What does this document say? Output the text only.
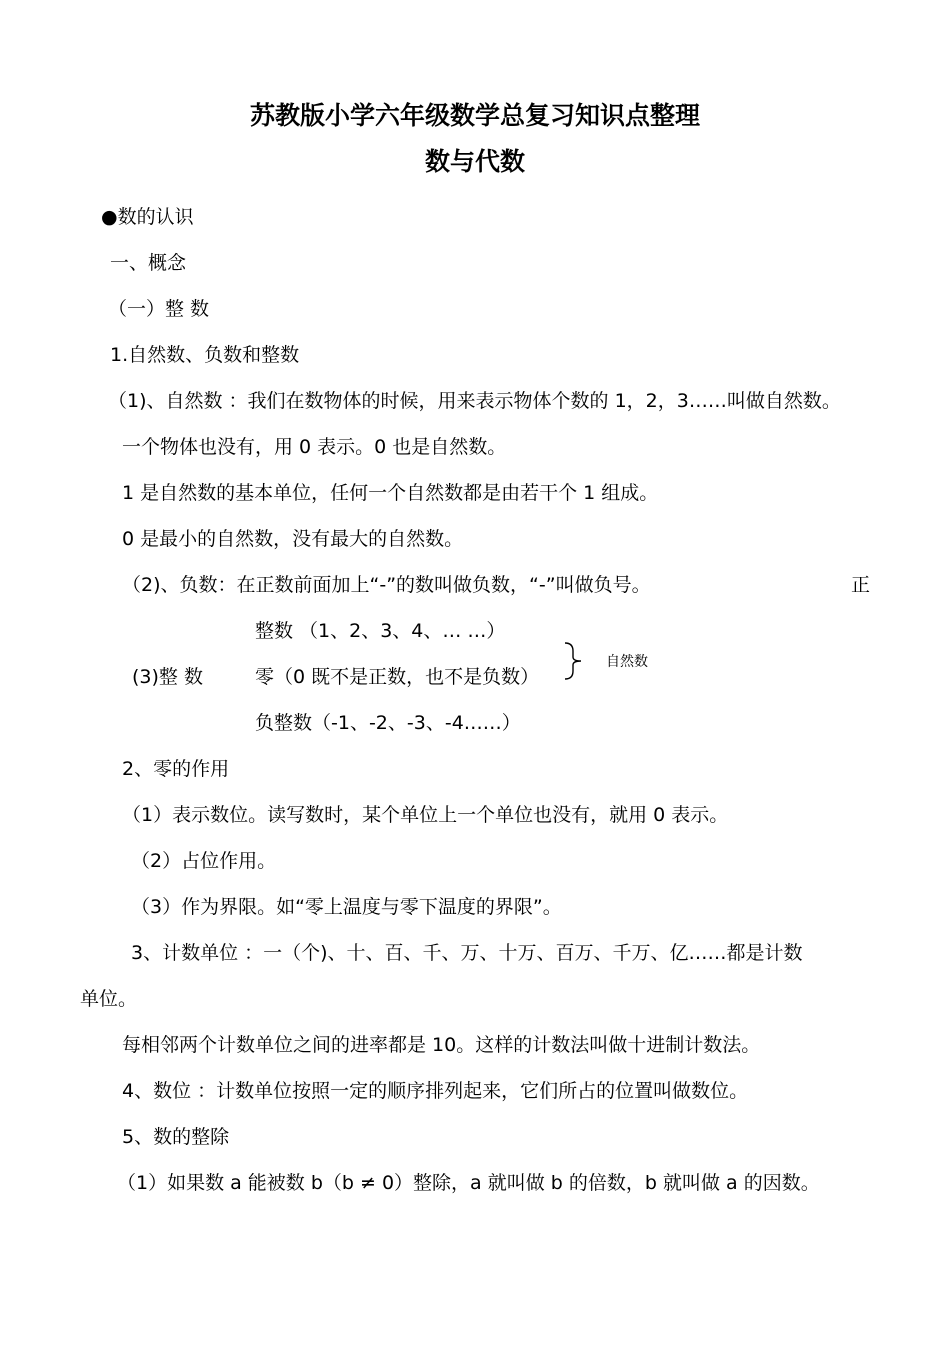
苏教版小学六年级数学总复习知识点整理
数与代数
●数的认识
一、概念
（一）整 数
1.自然数、负数和整数
（1)、自然数 ：我们在数物体的时候，用来表示物体个数的 1，2，3……叫做自然数。
一个物体也没有，用 0 表示。0 也是自然数。
1 是自然数的基本单位，任何一个自然数都是由若干个 1 组成。
0 是最小的自然数，没有最大的自然数。
（2)、负数：在正数前面加上“-”的数叫做负数，“-”叫做负号。	正
整数 （1、2、3、4、… …）
(3)整 数	零（0 既不是正数，也不是负数）
自然数
负整数（-1、-2、-3、-4……）
2、零的作用
（1）表示数位。读写数时，某个单位上一个单位也没有，就用 0 表示。
（2）占位作用。
（3）作为界限。如“零上温度与零下温度的界限”。
3、计数单位 ：一（个)、十、百、千、万、十万、百万、千万、亿……都是计数
单位。
每相邻两个计数单位之间的进率都是 10。这样的计数法叫做十进制计数法。
4、数位 ：计数单位按照一定的顺序排列起来，它们所占的位置叫做数位。
5、数的整除
（1）如果数 a 能被数 b（b ≠ 0）整除，a 就叫做 b 的倍数，b 就叫做 a 的因数。
